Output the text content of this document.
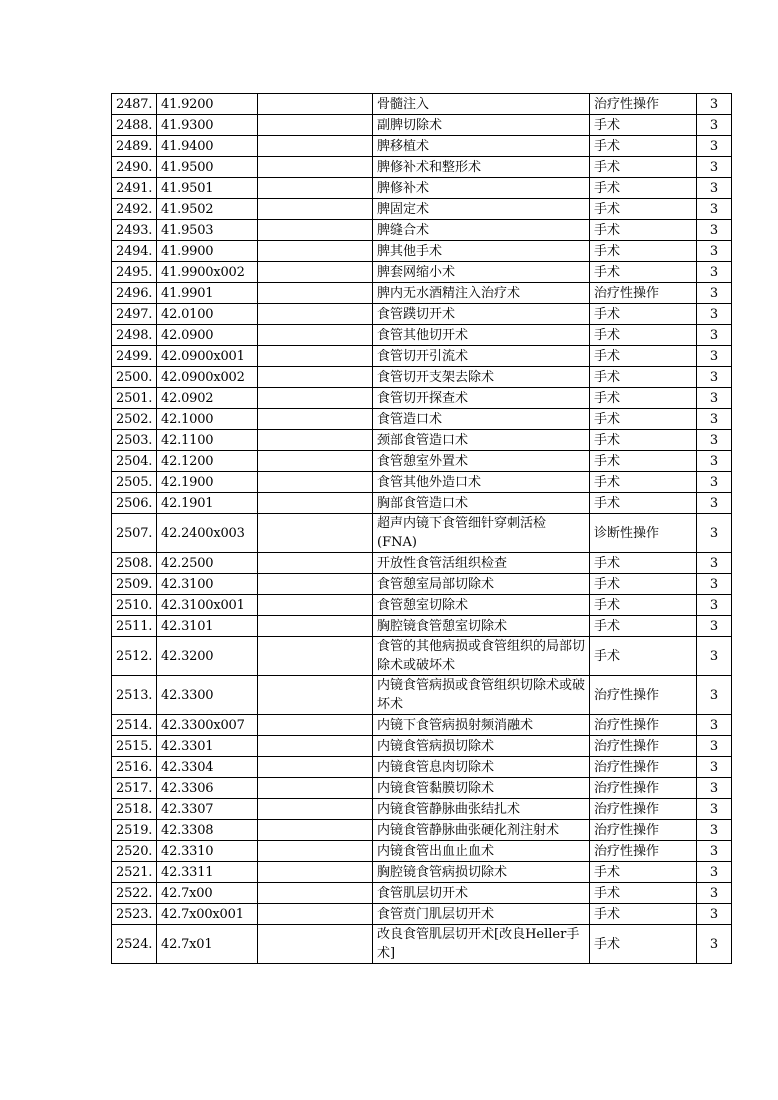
2487.	41.9200		骨髓注入	治疗性操作	3
2488.	41.9300		副脾切除术	手术	3
2489.	41.9400		脾移植术	手术	3
2490.	41.9500		脾修补术和整形术	手术	3
2491.	41.9501		脾修补术	手术	3
2492.	41.9502		脾固定术	手术	3
2493.	41.9503		脾缝合术	手术	3
2494.	41.9900		脾其他手术	手术	3
2495.	41.9900x002		脾套网缩小术	手术	3
2496.	41.9901		脾内无水酒精注入治疗术	治疗性操作	3
2497.	42.0100		食管蹼切开术	手术	3
2498.	42.0900		食管其他切开术	手术	3
2499.	42.0900x001		食管切开引流术	手术	3
2500.	42.0900x002		食管切开支架去除术	手术	3
2501.	42.0902		食管切开探查术	手术	3
2502.	42.1000		食管造口术	手术	3
2503.	42.1100		颈部食管造口术	手术	3
2504.	42.1200		食管憩室外置术	手术	3
2505.	42.1900		食管其他外造口术	手术	3
2506.	42.1901		胸部食管造口术	手术	3
2507.	42.2400x003		超声内镜下食管细针穿刺活检(FNA)	诊断性操作	3
2508.	42.2500		开放性食管活组织检查	手术	3
2509.	42.3100		食管憩室局部切除术	手术	3
2510.	42.3100x001		食管憩室切除术	手术	3
2511.	42.3101		胸腔镜食管憩室切除术	手术	3
2512.	42.3200		食管的其他病损或食管组织的局部切除术或破坏术	手术	3
2513.	42.3300		内镜食管病损或食管组织切除术或破坏术	治疗性操作	3
2514.	42.3300x007		内镜下食管病损射频消融术	治疗性操作	3
2515.	42.3301		内镜食管病损切除术	治疗性操作	3
2516.	42.3304		内镜食管息肉切除术	治疗性操作	3
2517.	42.3306		内镜食管黏膜切除术	治疗性操作	3
2518.	42.3307		内镜食管静脉曲张结扎术	治疗性操作	3
2519.	42.3308		内镜食管静脉曲张硬化剂注射术	治疗性操作	3
2520.	42.3310		内镜食管出血止血术	治疗性操作	3
2521.	42.3311		胸腔镜食管病损切除术	手术	3
2522.	42.7x00		食管肌层切开术	手术	3
2523.	42.7x00x001		食管贲门肌层切开术	手术	3
2524.	42.7x01		改良食管肌层切开术[改良Heller手术]	手术	3
